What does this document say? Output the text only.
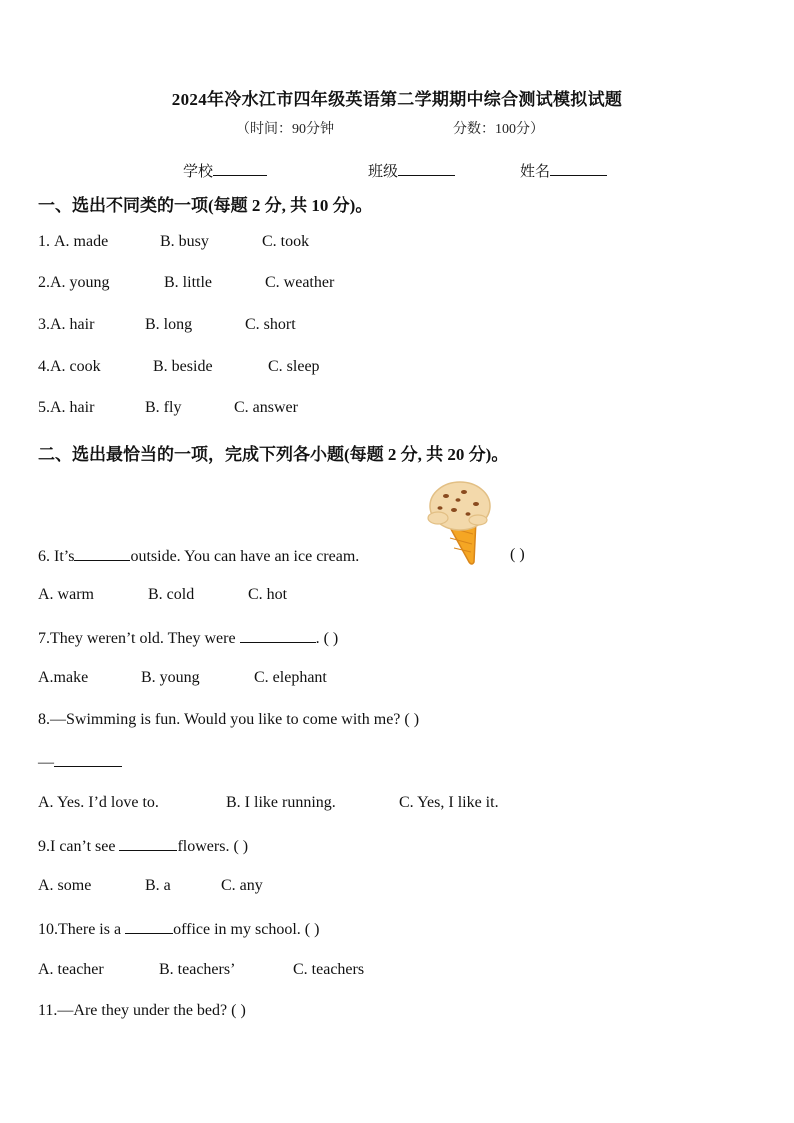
2024年冷水江市四年级英语第二学期期中综合测试模拟试题
（时间：90分钟	分数：100分）
学校	班级	姓名
一、选出不同类的一项(每题 2 分, 共 10 分)。
1. A. made	B. busy	C. took
2.A. young	B. little	C. weather
3.A. hair	B. long	C. short
4.A. cook	B. beside	C. sleep
5.A. hair	B. fly	C. answer
二、选出最恰当的一项，完成下列各小题(每题 2 分, 共 20 分)。
6. It’s	outside. You can have an ice cream.	( )
A. warm	B. cold	C. hot
7.They weren’t old. They were	. ( )
A.make	B. young	C. elephant
8.—Swimming is fun. Would you like to come with me? ( )
—
A. Yes. I’d love to.	B. I like running.	C. Yes, I like it.
9.I can’t see	flowers. ( )
A. some	B. a	C. any
10.There is a	office in my school. ( )
A. teacher	B. teachers’	C. teachers
11.—Are they under the bed? ( )
